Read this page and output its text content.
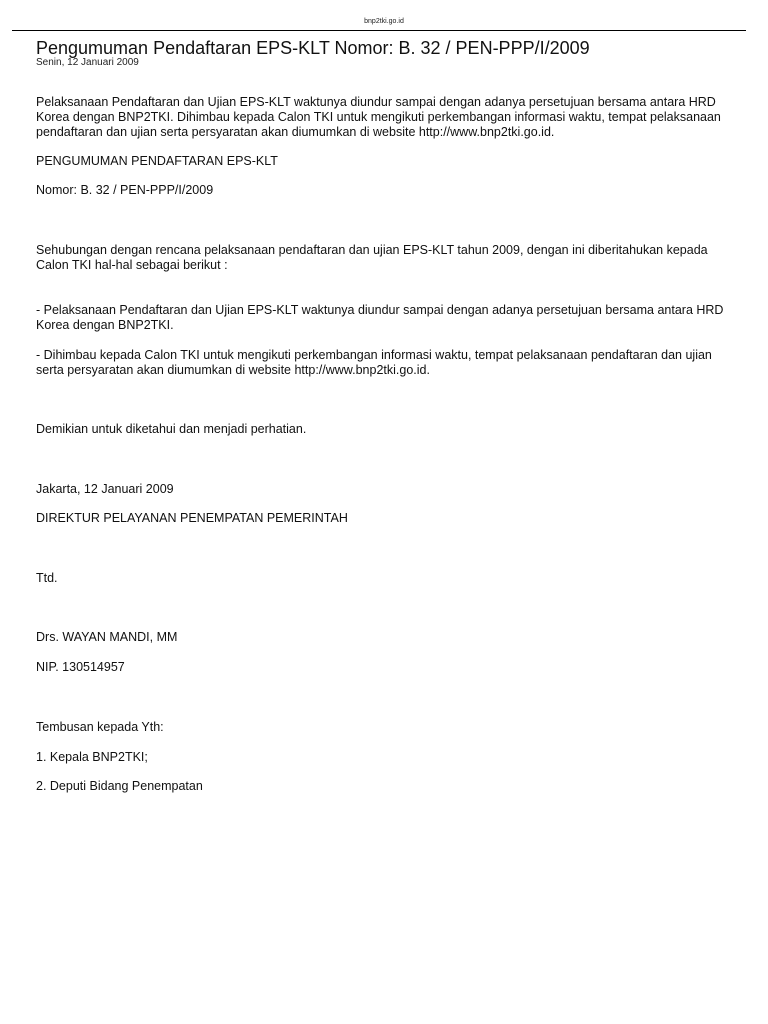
bnp2tki.go.id
Pengumuman Pendaftaran EPS-KLT Nomor: B. 32 / PEN-PPP/I/2009
Senin, 12 Januari 2009

Pelaksanaan Pendaftaran dan Ujian EPS-KLT waktunya diundur sampai dengan adanya persetujuan bersama antara HRD Korea dengan BNP2TKI. Dihimbau kepada Calon TKI untuk mengikuti perkembangan informasi waktu, tempat pelaksanaan pendaftaran dan ujian serta persyaratan akan diumumkan di website http://www.bnp2tki.go.id.

PENGUMUMAN PENDAFTARAN EPS-KLT

Nomor: B. 32 / PEN-PPP/I/2009

Sehubungan dengan rencana pelaksanaan pendaftaran dan ujian EPS-KLT tahun 2009, dengan ini diberitahukan kepada Calon TKI hal-hal sebagai berikut :

- Pelaksanaan Pendaftaran dan Ujian EPS-KLT waktunya diundur sampai dengan adanya persetujuan bersama antara HRD Korea dengan BNP2TKI.

- Dihimbau kepada Calon TKI untuk mengikuti perkembangan informasi waktu, tempat pelaksanaan pendaftaran dan ujian serta persyaratan akan diumumkan di website http://www.bnp2tki.go.id.

Demikian untuk diketahui dan menjadi perhatian.

Jakarta, 12 Januari 2009

DIREKTUR PELAYANAN PENEMPATAN PEMERINTAH

Ttd.

Drs. WAYAN MANDI, MM

NIP. 130514957

Tembusan kepada Yth:

1. Kepala BNP2TKI;

2. Deputi Bidang Penempatan
